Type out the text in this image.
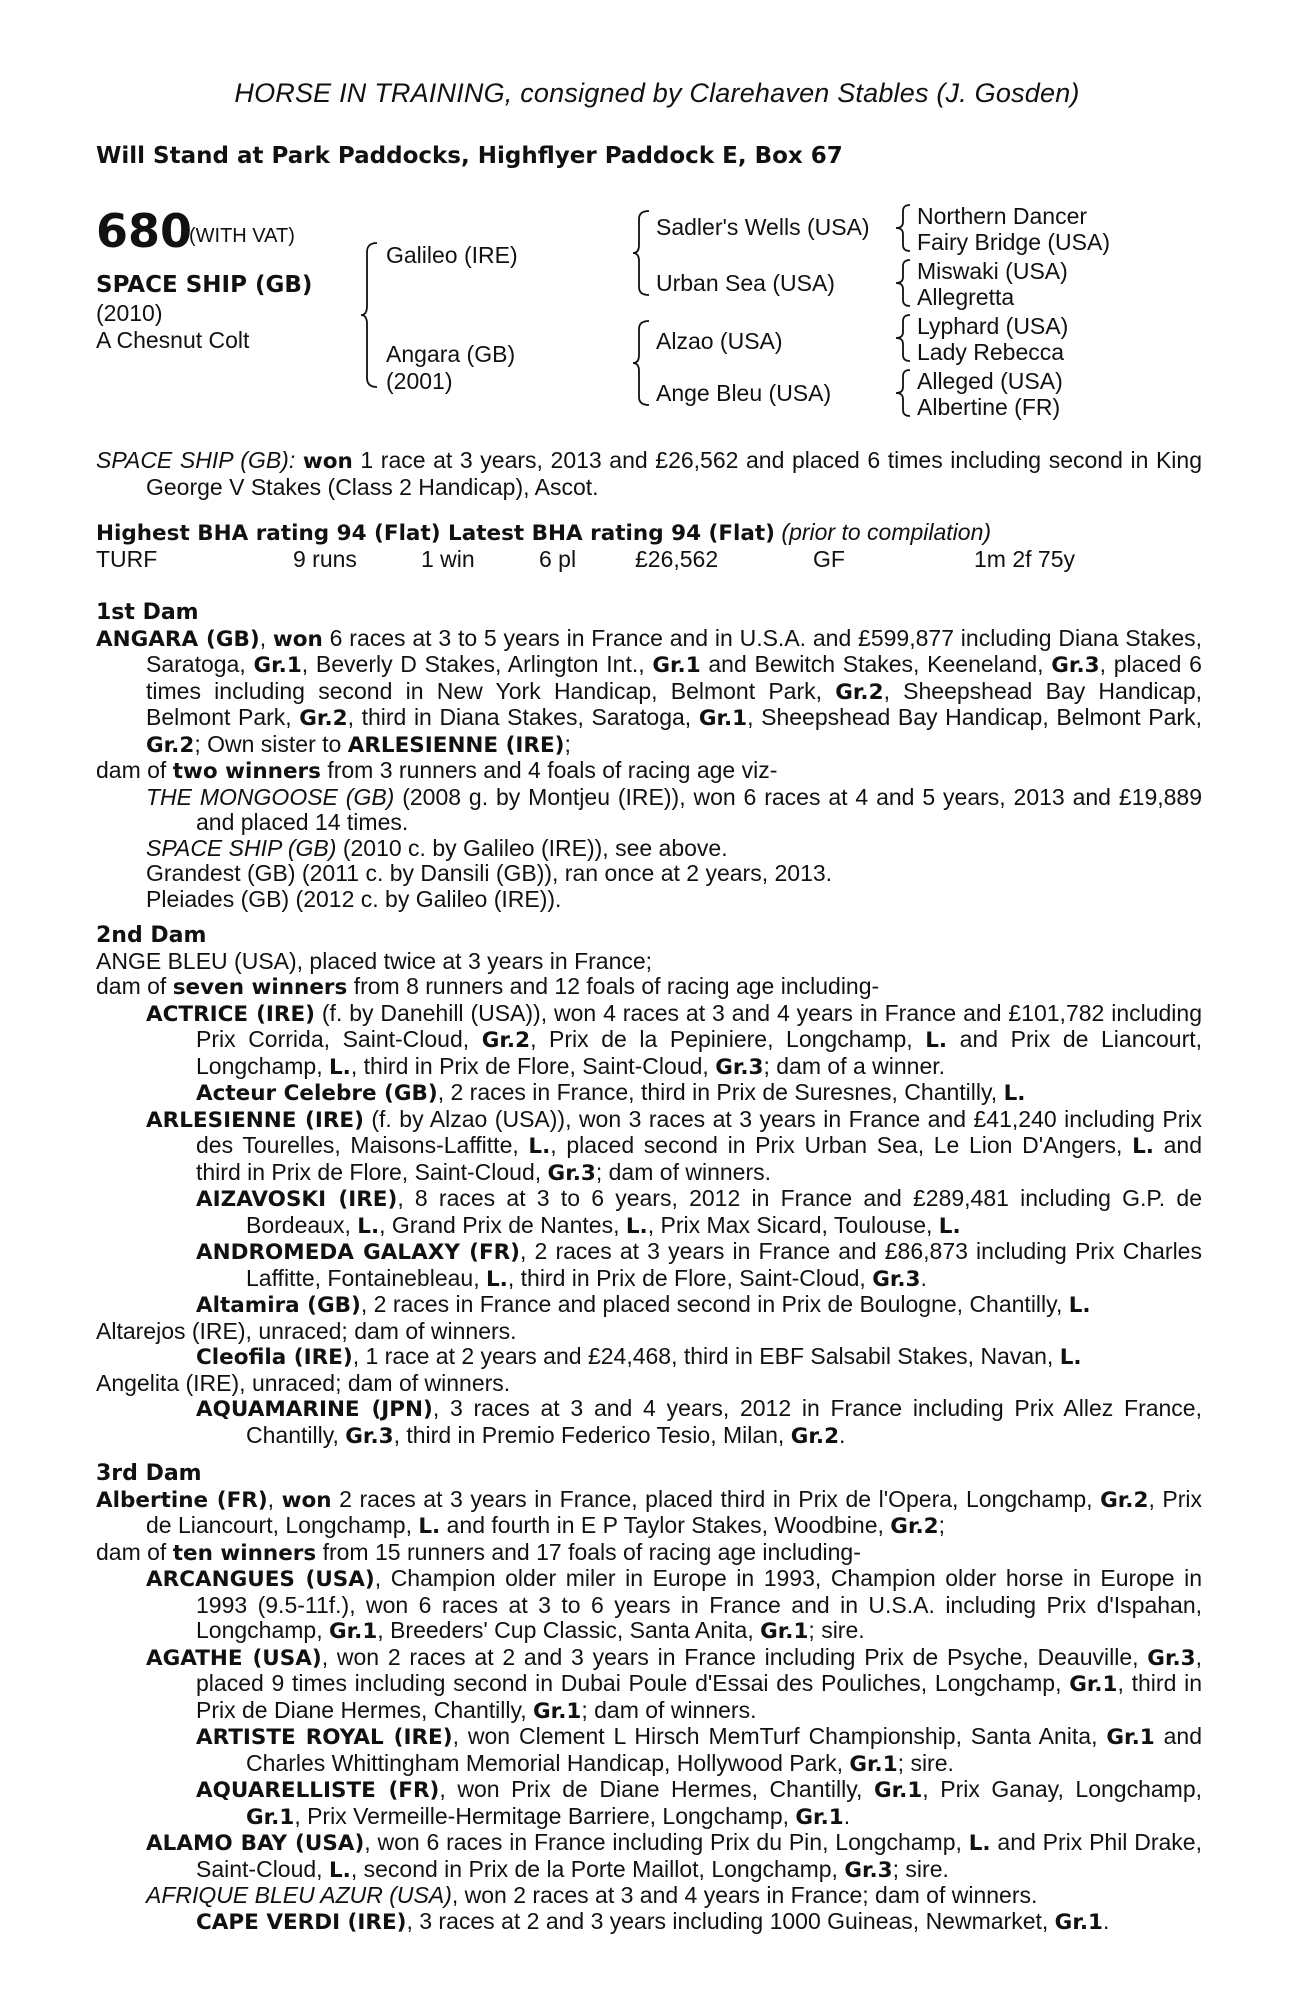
HORSE IN TRAINING, consigned by Clarehaven Stables (J. Gosden)
Will Stand at Park Paddocks, Highflyer Paddock E, Box 67
680
(WITH VAT)
SPACE SHIP (GB)
(2010)
A Chesnut Colt
Galileo (IRE)
Angara (GB)
(2001)
Sadler's Wells (USA)
Urban Sea (USA)
Alzao (USA)
Ange Bleu (USA)
Northern Dancer
Fairy Bridge (USA)
Miswaki (USA)
Allegretta
Lyphard (USA)
Lady Rebecca
Alleged (USA)
Albertine (FR)
SPACE SHIP (GB): won 1 race at 3 years, 2013 and £26,562 and placed 6 times including second in King George V Stakes (Class 2 Handicap), Ascot.
Highest BHA rating 94 (Flat) Latest BHA rating 94 (Flat) (prior to compilation)
TURF	9 runs	1 win	6 pl	£26,562	GF	1m 2f 75y
1st Dam
ANGARA (GB), won 6 races at 3 to 5 years in France and in U.S.A. and £599,877 including Diana Stakes, Saratoga, Gr.1, Beverly D Stakes, Arlington Int., Gr.1 and Bewitch Stakes, Keeneland, Gr.3, placed 6 times including second in New York Handicap, Belmont Park, Gr.2, Sheepshead Bay Handicap, Belmont Park, Gr.2, third in Diana Stakes, Saratoga, Gr.1, Sheepshead Bay Handicap, Belmont Park, Gr.2; Own sister to ARLESIENNE (IRE);
dam of two winners from 3 runners and 4 foals of racing age viz-
THE MONGOOSE (GB) (2008 g. by Montjeu (IRE)), won 6 races at 4 and 5 years, 2013 and £19,889 and placed 14 times.
SPACE SHIP (GB) (2010 c. by Galileo (IRE)), see above.
Grandest (GB) (2011 c. by Dansili (GB)), ran once at 2 years, 2013.
Pleiades (GB) (2012 c. by Galileo (IRE)).
2nd Dam
ANGE BLEU (USA), placed twice at 3 years in France;
dam of seven winners from 8 runners and 12 foals of racing age including-
ACTRICE (IRE) (f. by Danehill (USA)), won 4 races at 3 and 4 years in France and £101,782 including Prix Corrida, Saint-Cloud, Gr.2, Prix de la Pepiniere, Longchamp, L. and Prix de Liancourt, Longchamp, L., third in Prix de Flore, Saint-Cloud, Gr.3; dam of a winner.
Acteur Celebre (GB), 2 races in France, third in Prix de Suresnes, Chantilly, L.
ARLESIENNE (IRE) (f. by Alzao (USA)), won 3 races at 3 years in France and £41,240 including Prix des Tourelles, Maisons-Laffitte, L., placed second in Prix Urban Sea, Le Lion D'Angers, L. and third in Prix de Flore, Saint-Cloud, Gr.3; dam of winners.
AIZAVOSKI (IRE), 8 races at 3 to 6 years, 2012 in France and £289,481 including G.P. de Bordeaux, L., Grand Prix de Nantes, L., Prix Max Sicard, Toulouse, L.
ANDROMEDA GALAXY (FR), 2 races at 3 years in France and £86,873 including Prix Charles Laffitte, Fontainebleau, L., third in Prix de Flore, Saint-Cloud, Gr.3.
Altamira (GB), 2 races in France and placed second in Prix de Boulogne, Chantilly, L.
Altarejos (IRE), unraced; dam of winners.
Cleofila (IRE), 1 race at 2 years and £24,468, third in EBF Salsabil Stakes, Navan, L.
Angelita (IRE), unraced; dam of winners.
AQUAMARINE (JPN), 3 races at 3 and 4 years, 2012 in France including Prix Allez France, Chantilly, Gr.3, third in Premio Federico Tesio, Milan, Gr.2.
3rd Dam
Albertine (FR), won 2 races at 3 years in France, placed third in Prix de l'Opera, Longchamp, Gr.2, Prix de Liancourt, Longchamp, L. and fourth in E P Taylor Stakes, Woodbine, Gr.2;
dam of ten winners from 15 runners and 17 foals of racing age including-
ARCANGUES (USA), Champion older miler in Europe in 1993, Champion older horse in Europe in 1993 (9.5-11f.), won 6 races at 3 to 6 years in France and in U.S.A. including Prix d'Ispahan, Longchamp, Gr.1, Breeders' Cup Classic, Santa Anita, Gr.1; sire.
AGATHE (USA), won 2 races at 2 and 3 years in France including Prix de Psyche, Deauville, Gr.3, placed 9 times including second in Dubai Poule d'Essai des Pouliches, Longchamp, Gr.1, third in Prix de Diane Hermes, Chantilly, Gr.1; dam of winners.
ARTISTE ROYAL (IRE), won Clement L Hirsch MemTurf Championship, Santa Anita, Gr.1 and Charles Whittingham Memorial Handicap, Hollywood Park, Gr.1; sire.
AQUARELLISTE (FR), won Prix de Diane Hermes, Chantilly, Gr.1, Prix Ganay, Longchamp, Gr.1, Prix Vermeille-Hermitage Barriere, Longchamp, Gr.1.
ALAMO BAY (USA), won 6 races in France including Prix du Pin, Longchamp, L. and Prix Phil Drake, Saint-Cloud, L., second in Prix de la Porte Maillot, Longchamp, Gr.3; sire.
AFRIQUE BLEU AZUR (USA), won 2 races at 3 and 4 years in France; dam of winners.
CAPE VERDI (IRE), 3 races at 2 and 3 years including 1000 Guineas, Newmarket, Gr.1.
